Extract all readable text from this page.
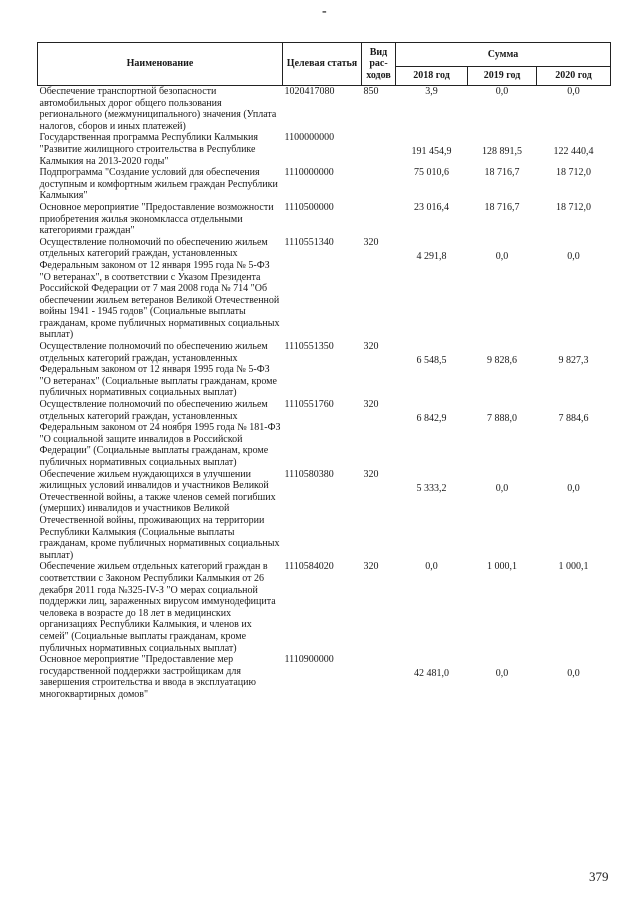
-
Наименование	Целевая статья	Вид рас-ходов	Сумма		
			2018 год	2019 год	2020 год
Обеспечение транспортной безопасности автомобильных дорог общего пользования регионального (межмуниципального) значения (Уплата налогов, сборов и иных платежей)	1020417080	850	3,9	0,0	0,0
Государственная программа Республики Калмыкия "Развитие жилищного строительства в Республике Калмыкия на 2013-2020 годы"	1100000000		191 454,9	128 891,5	122 440,4
Подпрограмма "Создание условий для обеспечения доступным и комфортным жильем граждан Республики Калмыкия"	1110000000		75 010,6	18 716,7	18 712,0
Основное мероприятие "Предоставление возможности приобретения жилья экономкласса отдельными категориями граждан"	1110500000		23 016,4	18 716,7	18 712,0
Осуществление полномочий по обеспечению жильем отдельных категорий граждан, установленных Федеральным законом от 12 января 1995 года № 5-ФЗ "О ветеранах", в соответствии с Указом Президента Российской Федерации от 7 мая 2008 года № 714 "Об обеспечении жильем ветеранов Великой Отечественной войны 1941 - 1945 годов" (Социальные выплаты гражданам, кроме публичных нормативных социальных выплат)	1110551340	320	4 291,8	0,0	0,0
Осуществление полномочий по обеспечению жильем отдельных категорий граждан, установленных Федеральным законом от 12 января 1995 года № 5-ФЗ "О ветеранах" (Социальные выплаты гражданам, кроме публичных нормативных социальных выплат)	1110551350	320	6 548,5	9 828,6	9 827,3
Осуществление полномочий по обеспечению жильем отдельных категорий граждан, установленных Федеральным законом от 24 ноября 1995 года № 181-ФЗ "О социальной защите инвалидов в Российской Федерации" (Социальные выплаты гражданам, кроме публичных нормативных социальных выплат)	1110551760	320	6 842,9	7 888,0	7 884,6
Обеспечение жильем нуждающихся в улучшении жилищных условий инвалидов и участников Великой Отечественной войны, а также членов семей погибших (умерших) инвалидов и участников Великой Отечественной войны, проживающих на территории Республики Калмыкия (Социальные выплаты гражданам, кроме публичных нормативных социальных выплат)	1110580380	320	5 333,2	0,0	0,0
Обеспечение жильем отдельных категорий граждан в соответствии с Законом Республики Калмыкия от 26 декабря 2011 года №325-IV-З "О мерах социальной поддержки лиц, зараженных вирусом иммунодефицита человека в возрасте до 18 лет в медицинских организациях Республики Калмыкия, и членов их семей" (Социальные выплаты гражданам, кроме публичных нормативных социальных выплат)	1110584020	320	0,0	1 000,1	1 000,1
Основное мероприятие "Предоставление мер государственной поддержки застройщикам для завершения строительства и ввода в эксплуатацию многоквартирных домов"	1110900000		42 481,0	0,0	0,0
379
